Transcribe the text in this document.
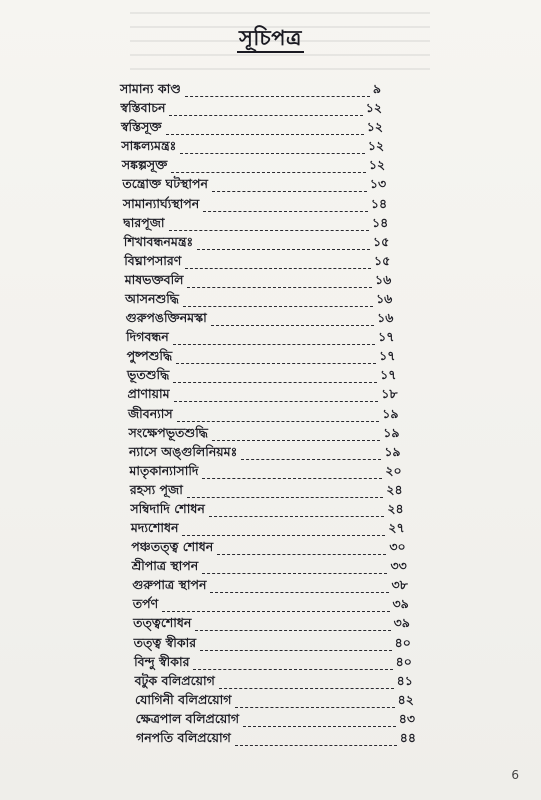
সূচিপত্র
সামান্য কাণ্ড	৯
স্বস্তিবাচন	১২
স্বস্তিসূক্ত	১২
সাঙ্কল্যমন্ত্রঃ	১২
সঙ্কল্পসূক্ত	১২
তন্ত্রোক্ত ঘটস্থাপন	১৩
সামান্যার্ঘ্যস্থাপন	১৪
দ্বারপূজা	১৪
শিখাবন্ধনমন্ত্রঃ	১৫
বিঘ্নাপসারণ	১৫
মাষভক্তবলি	১৬
আসনশুদ্ধি	১৬
গুরুপঙক্তিনমস্কা	১৬
দিগবন্ধন	১৭
পুষ্পশুদ্ধি	১৭
ভূতশুদ্ধি	১৭
প্রাণায়াম	১৮
জীবন্যাস	১৯
সংক্ষেপভূতশুদ্ধি	১৯
ন্যাসে অঙ্গুলিনিয়মঃ	১৯
মাতৃকান্যাসাদি	২০
রহস্য পূজা	২৪
সম্বিদাদি শোধন	২৪
মদ্যশোধন	২৭
পঞ্চতত্ত্ব শোধন	৩০
শ্রীপাত্র স্থাপন	৩৩
গুরুপাত্র স্থাপন	৩৮
তর্পণ	৩৯
তত্ত্বশোধন	৩৯
তত্ত্ব স্বীকার	৪০
বিন্দু স্বীকার	৪০
বটুক বলিপ্রয়োগ	৪১
যোগিনী বলিপ্রয়োগ	৪২
ক্ষেত্রপাল বলিপ্রয়োগ	৪৩
গনপতি বলিপ্রয়োগ	৪৪
6
